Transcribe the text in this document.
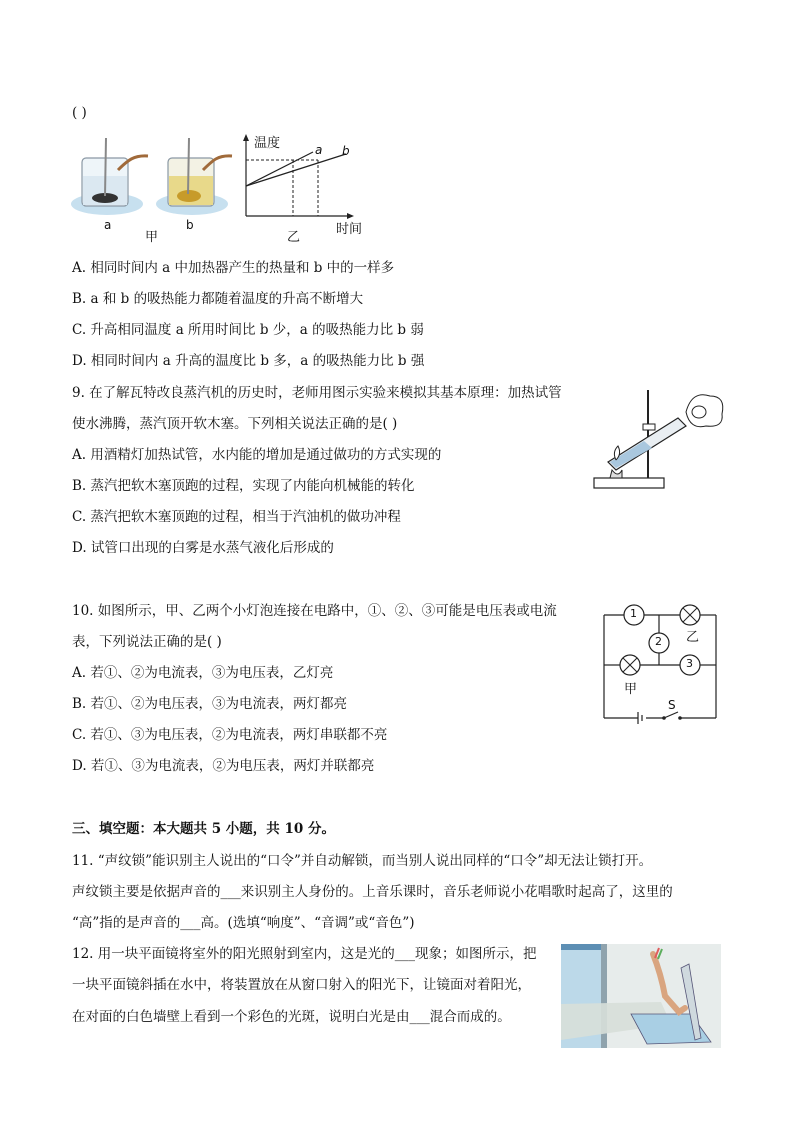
( )
a	b
甲
温度
时间
a b
乙
A. 相同时间内 a 中加热器产生的热量和 b 中的一样多
B. a 和 b 的吸热能力都随着温度的升高不断增大
C. 升高相同温度 a 所用时间比 b 少，a 的吸热能力比 b 弱
D. 相同时间内 a 升高的温度比 b 多，a 的吸热能力比 b 强
9. 在了解瓦特改良蒸汽机的历史时，老师用图示实验来模拟其基本原理：加热试管
使水沸腾，蒸汽顶开软木塞。下列相关说法正确的是( )
A. 用酒精灯加热试管，水内能的增加是通过做功的方式实现的
B. 蒸汽把软木塞顶跑的过程，实现了内能向机械能的转化
C. 蒸汽把软木塞顶跑的过程，相当于汽油机的做功冲程
D. 试管口出现的白雾是水蒸气液化后形成的
10. 如图所示，甲、乙两个小灯泡连接在电路中，①、②、③可能是电压表或电流
表，下列说法正确的是( )
A. 若①、②为电流表，③为电压表，乙灯亮
B. 若①、②为电压表，③为电流表，两灯都亮
C. 若①、③为电压表，②为电流表，两灯串联都不亮
D. 若①、③为电流表，②为电压表，两灯并联都亮
1
2
3
乙
甲
S
三、填空题：本大题共 5 小题，共 10 分。
11. “声纹锁”能识别主人说出的“口令”并自动解锁，而当别人说出同样的“口令”却无法让锁打开。
声纹锁主要是依据声音的___来识别主人身份的。上音乐课时，音乐老师说小花唱歌时起高了，这里的
“高”指的是声音的___高。(选填“响度”、“音调”或“音色”)
12. 用一块平面镜将室外的阳光照射到室内，这是光的___现象；如图所示，把
一块平面镜斜插在水中，将装置放在从窗口射入的阳光下，让镜面对着阳光，
在对面的白色墙壁上看到一个彩色的光斑，说明白光是由___混合而成的。
